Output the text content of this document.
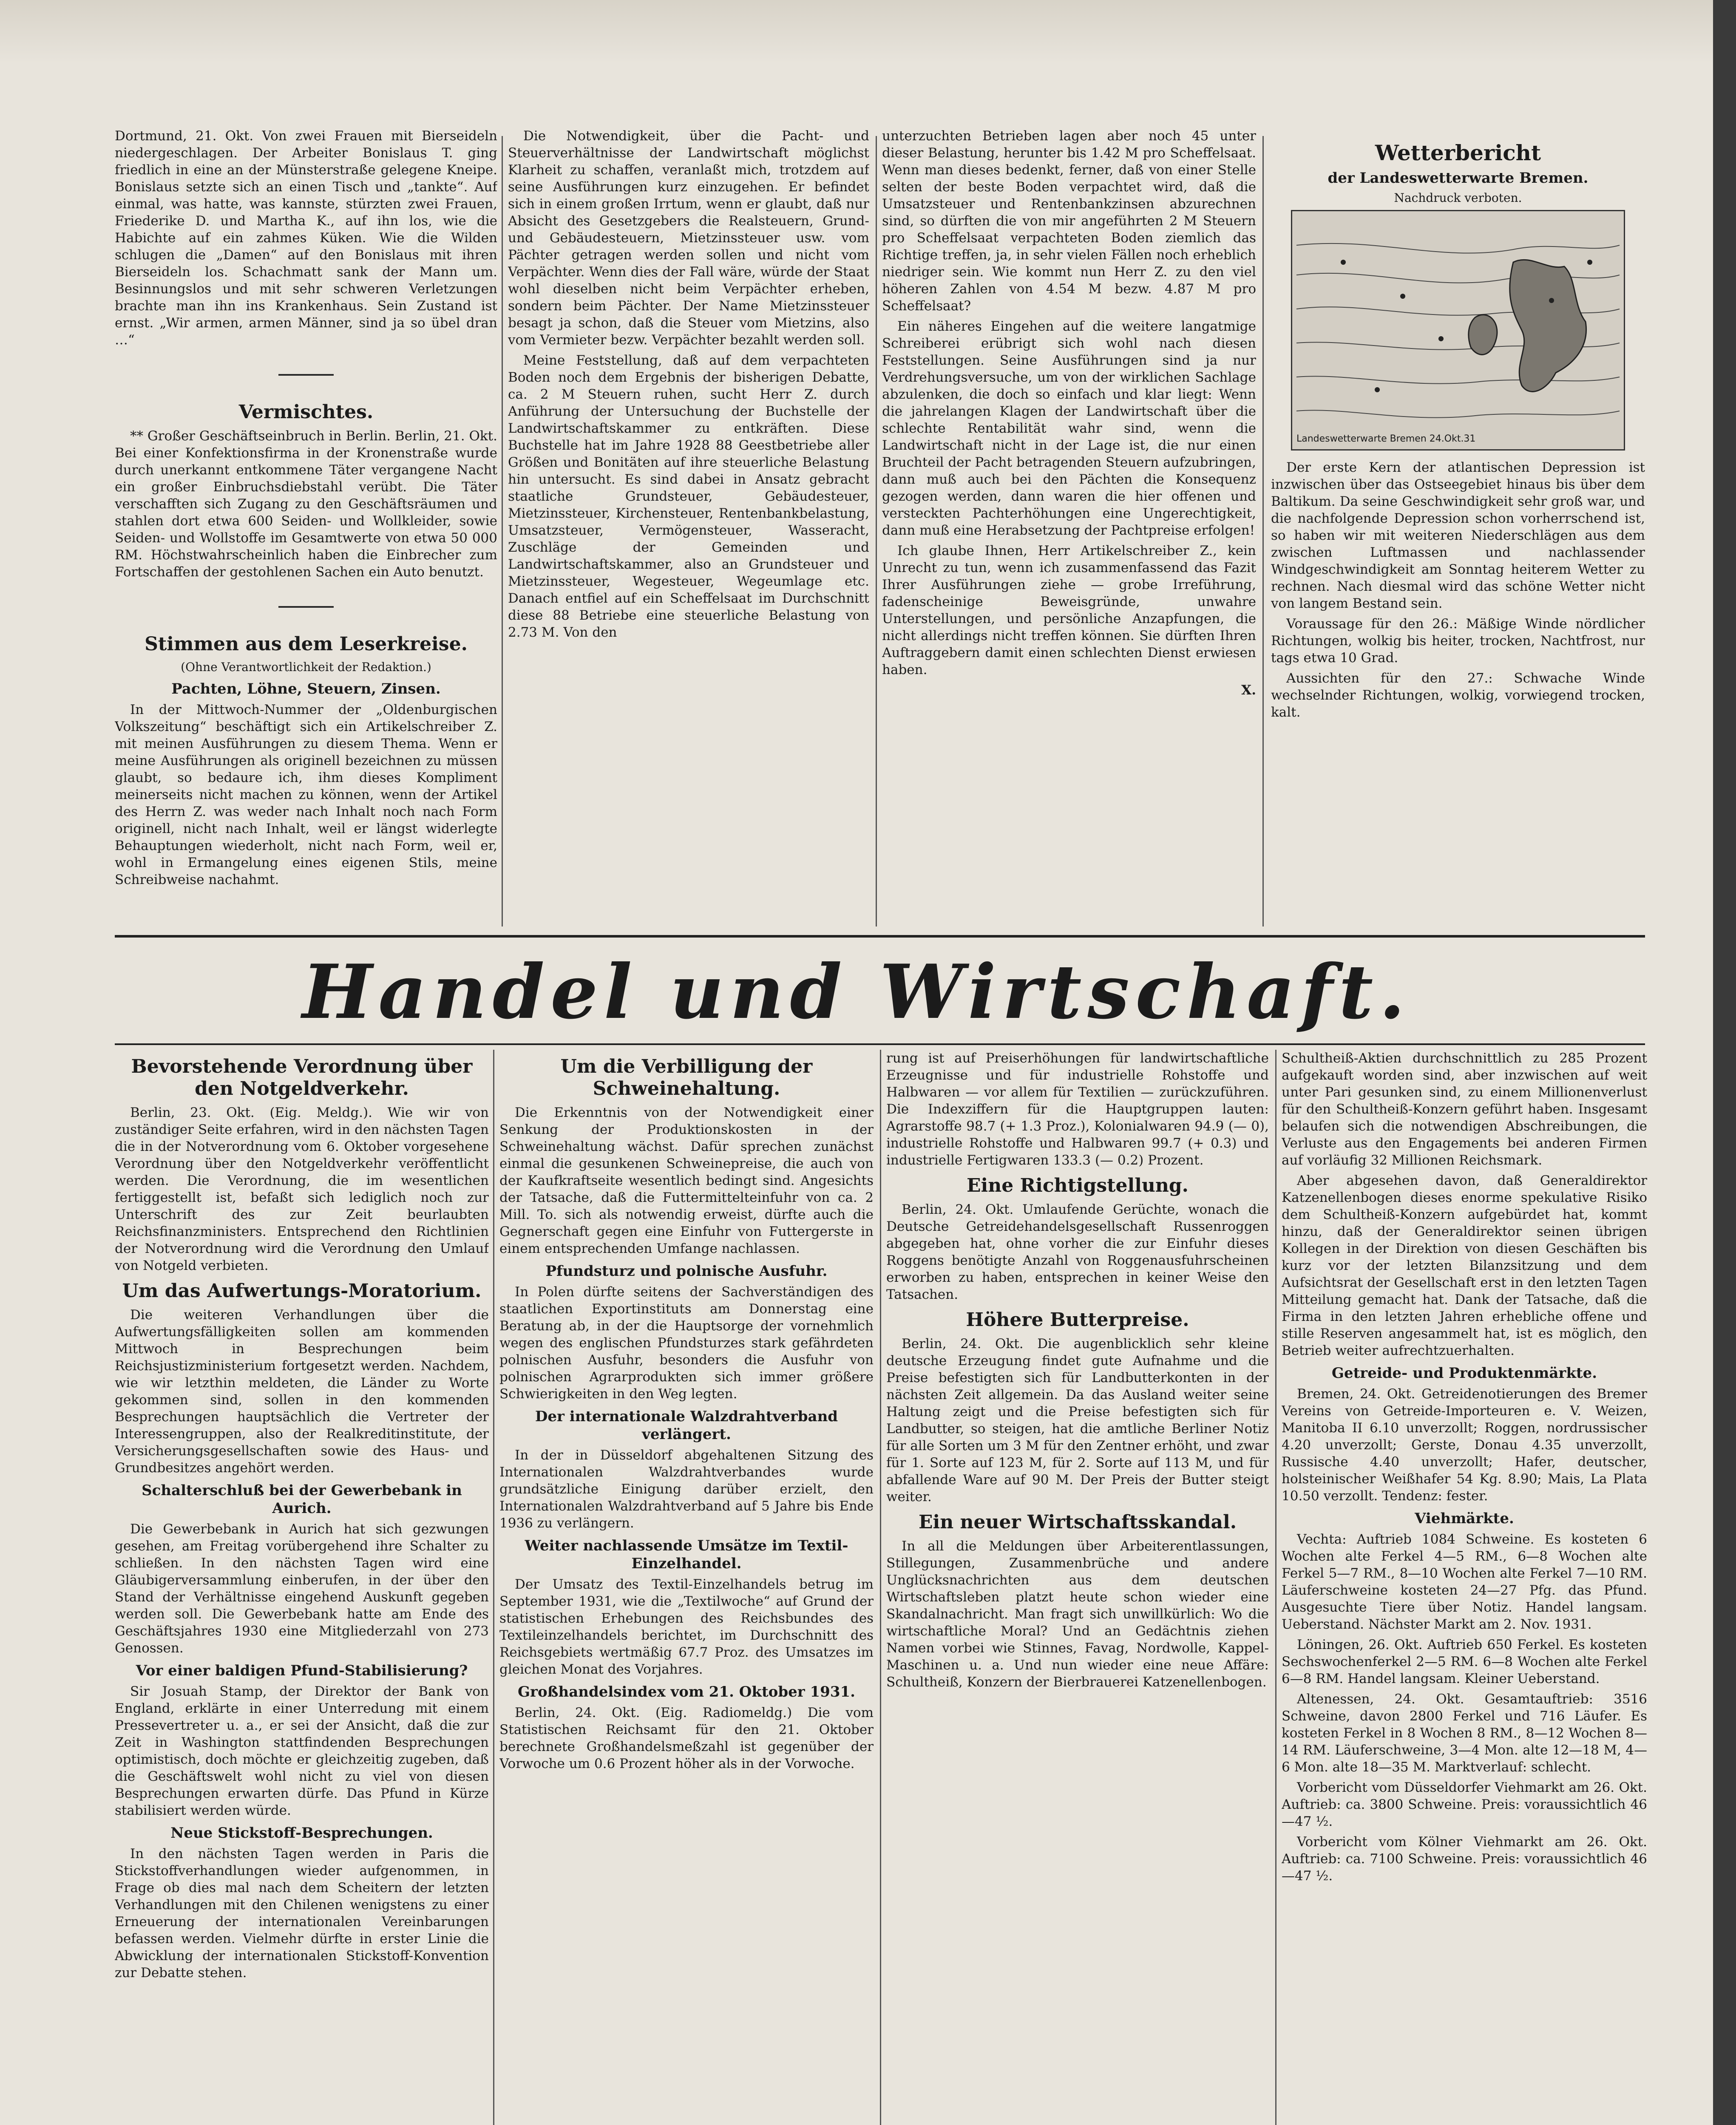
Dortmund, 21. Okt. Von zwei Frauen mit Bierseideln niedergeschlagen. Der Arbeiter Bonislaus T. ging friedlich in eine an der Münsterstraße gelegene Kneipe. Bonislaus setzte sich an einen Tisch und „tankte“. Auf einmal, was hatte, was kannste, stürzten zwei Frauen, Friederike D. und Martha K., auf ihn los, wie die Habichte auf ein zahmes Küken. Wie die Wilden schlugen die „Damen“ auf den Bonislaus mit ihren Bierseideln los. Schachmatt sank der Mann um. Besinnungslos und mit sehr schweren Verletzungen brachte man ihn ins Krankenhaus. Sein Zustand ist ernst. „Wir armen, armen Männer, sind ja so übel dran …“

Vermischtes.

** Großer Geschäftseinbruch in Berlin. Berlin, 21. Okt. Bei einer Konfektionsfirma in der Kronenstraße wurde durch unerkannt entkommene Täter vergangene Nacht ein großer Einbruchsdiebstahl verübt. Die Täter verschafften sich Zugang zu den Geschäftsräumen und stahlen dort etwa 600 Seiden- und Wollkleider, sowie Seiden- und Wollstoffe im Gesamtwerte von etwa 50 000 RM. Höchstwahrscheinlich haben die Einbrecher zum Fortschaffen der gestohlenen Sachen ein Auto benutzt.

Stimmen aus dem Leserkreise.
(Ohne Verantwortlichkeit der Redaktion.)
Pachten, Löhne, Steuern, Zinsen.

In der Mittwoch-Nummer der „Oldenburgischen Volkszeitung“ beschäftigt sich ein Artikelschreiber Z. mit meinen Ausführungen zu diesem Thema. Wenn er meine Ausführungen als originell bezeichnen zu müssen glaubt, so bedaure ich, ihm dieses Kompliment meinerseits nicht machen zu können, wenn der Artikel des Herrn Z. was weder nach Inhalt noch nach Form originell, nicht nach Inhalt, weil er längst widerlegte Behauptungen wiederholt, nicht nach Form, weil er, wohl in Ermangelung eines eigenen Stils, meine Schreibweise nachahmt.

Die Notwendigkeit, über die Pacht- und Steuerverhältnisse der Landwirtschaft möglichst Klarheit zu schaffen, veranlaßt mich, trotzdem auf seine Ausführungen kurz einzugehen. Er befindet sich in einem großen Irrtum, wenn er glaubt, daß nur Absicht des Gesetzgebers die Realsteuern, Grund- und Gebäudesteuern, Mietzinssteuer usw. vom Pächter getragen werden sollen und nicht vom Verpächter. Wenn dies der Fall wäre, würde der Staat wohl dieselben nicht beim Verpächter erheben, sondern beim Pächter. Der Name Mietzinssteuer besagt ja schon, daß die Steuer vom Mietzins, also vom Vermieter bezw. Verpächter bezahlt werden soll.

Meine Feststellung, daß auf dem verpachteten Boden noch dem Ergebnis der bisherigen Debatte, ca. 2 M Steuern ruhen, sucht Herr Z. durch Anführung der Untersuchung der Buchstelle der Landwirtschaftskammer zu entkräften. Diese Buchstelle hat im Jahre 1928 88 Geestbetriebe aller Größen und Bonitäten auf ihre steuerliche Belastung hin untersucht. Es sind dabei in Ansatz gebracht staatliche Grundsteuer, Gebäudesteuer, Mietzinssteuer, Kirchensteuer, Rentenbankbelastung, Umsatzsteuer, Vermögensteuer, Wasseracht, Zuschläge der Gemeinden und Landwirtschaftskammer, also an Grundsteuer und Mietzinssteuer, Wegesteuer, Wegeumlage etc. Danach entfiel auf ein Scheffelsaat im Durchschnitt diese 88 Betriebe eine steuerliche Belastung von 2.73 M. Von den

unterzuchten Betrieben lagen aber noch 45 unter dieser Belastung, herunter bis 1.42 M pro Scheffelsaat. Wenn man dieses bedenkt, ferner, daß von einer Stelle selten der beste Boden verpachtet wird, daß die Umsatzsteuer und Rentenbankzinsen abzurechnen sind, so dürften die von mir angeführten 2 M Steuern pro Scheffelsaat verpachteten Boden ziemlich das Richtige treffen, ja, in sehr vielen Fällen noch erheblich niedriger sein. Wie kommt nun Herr Z. zu den viel höheren Zahlen von 4.54 M bezw. 4.87 M pro Scheffelsaat?

Ein näheres Eingehen auf die weitere langatmige Schreiberei erübrigt sich wohl nach diesen Feststellungen. Seine Ausführungen sind ja nur Verdrehungsversuche, um von der wirklichen Sachlage abzulenken, die doch so einfach und klar liegt: Wenn die jahrelangen Klagen der Landwirtschaft über die schlechte Rentabilität wahr sind, wenn die Landwirtschaft nicht in der Lage ist, die nur einen Bruchteil der Pacht betragenden Steuern aufzubringen, dann muß auch bei den Pächten die Konsequenz gezogen werden, dann waren die hier offenen und versteckten Pachterhöhungen eine Ungerechtigkeit, dann muß eine Herabsetzung der Pachtpreise erfolgen!

Ich glaube Ihnen, Herr Artikelschreiber Z., kein Unrecht zu tun, wenn ich zusammenfassend das Fazit Ihrer Ausführungen ziehe — grobe Irreführung, fadenscheinige Beweisgründe, unwahre Unterstellungen, und persönliche Anzapfungen, die nicht allerdings nicht treffen können. Sie dürften Ihren Auftraggebern damit einen schlechten Dienst erwiesen haben.

X.
Wetterbericht
der Landeswetterwarte Bremen.
Nachdruck verboten.
Landeswetterwarte Bremen 24.Okt.31

Der erste Kern der atlantischen Depression ist inzwischen über das Ostseegebiet hinaus bis über dem Baltikum. Da seine Geschwindigkeit sehr groß war, und die nachfolgende Depression schon vorherrschend ist, so haben wir mit weiteren Niederschlägen aus dem zwischen Luftmassen und nachlassender Windgeschwindigkeit am Sonntag heiterem Wetter zu rechnen. Nach diesmal wird das schöne Wetter nicht von langem Bestand sein.

Voraussage für den 26.: Mäßige Winde nördlicher Richtungen, wolkig bis heiter, trocken, Nachtfrost, nur tags etwa 10 Grad.

Aussichten für den 27.: Schwache Winde wechselnder Richtungen, wolkig, vorwiegend trocken, kalt.

Handel und Wirtschaft.
Bevorstehende Verordnung über den Notgeldverkehr.

Berlin, 23. Okt. (Eig. Meldg.). Wie wir von zuständiger Seite erfahren, wird in den nächsten Tagen die in der Notverordnung vom 6. Oktober vorgesehene Verordnung über den Notgeldverkehr veröffentlicht werden. Die Verordnung, die im wesentlichen fertiggestellt ist, befaßt sich lediglich noch zur Unterschrift des zur Zeit beurlaubten Reichsfinanzministers. Entsprechend den Richtlinien der Notverordnung wird die Verordnung den Umlauf von Notgeld verbieten.

Um das Aufwertungs-Moratorium.

Die weiteren Verhandlungen über die Aufwertungsfälligkeiten sollen am kommenden Mittwoch in Besprechungen beim Reichsjustizministerium fortgesetzt werden. Nachdem, wie wir letzthin meldeten, die Länder zu Worte gekommen sind, sollen in den kommenden Besprechungen hauptsächlich die Vertreter der Interessengruppen, also der Realkreditinstitute, der Versicherungsgesellschaften sowie des Haus- und Grundbesitzes angehört werden.

Schalterschluß bei der Gewerbebank in Aurich.

Die Gewerbebank in Aurich hat sich gezwungen gesehen, am Freitag vorübergehend ihre Schalter zu schließen. In den nächsten Tagen wird eine Gläubigerversammlung einberufen, in der über den Stand der Verhältnisse eingehend Auskunft gegeben werden soll. Die Gewerbebank hatte am Ende des Geschäftsjahres 1930 eine Mitgliederzahl von 273 Genossen.

Vor einer baldigen Pfund-Stabilisierung?

Sir Josuah Stamp, der Direktor der Bank von England, erklärte in einer Unterredung mit einem Pressevertreter u. a., er sei der Ansicht, daß die zur Zeit in Washington stattfindenden Besprechungen optimistisch, doch möchte er gleichzeitig zugeben, daß die Geschäftswelt wohl nicht zu viel von diesen Besprechungen erwarten dürfe. Das Pfund in Kürze stabilisiert werden würde.

Neue Stickstoff-Besprechungen.

In den nächsten Tagen werden in Paris die Stickstoffverhandlungen wieder aufgenommen, in Frage ob dies mal nach dem Scheitern der letzten Verhandlungen mit den Chilenen wenigstens zu einer Erneuerung der internationalen Vereinbarungen befassen werden. Vielmehr dürfte in erster Linie die Abwicklung der internationalen Stickstoff-Konvention zur Debatte stehen.

Um die Verbilligung der Schweinehaltung.

Die Erkenntnis von der Notwendigkeit einer Senkung der Produktionskosten in der Schweinehaltung wächst. Dafür sprechen zunächst einmal die gesunkenen Schweinepreise, die auch von der Kaufkraftseite wesentlich bedingt sind. Angesichts der Tatsache, daß die Futtermittelteinfuhr von ca. 2 Mill. To. sich als notwendig erweist, dürfte auch die Gegnerschaft gegen eine Einfuhr von Futtergerste in einem entsprechenden Umfange nachlassen.

Pfundsturz und polnische Ausfuhr.

In Polen dürfte seitens der Sachverständigen des staatlichen Exportinstituts am Donnerstag eine Beratung ab, in der die Hauptsorge der vornehmlich wegen des englischen Pfundsturzes stark gefährdeten polnischen Ausfuhr, besonders die Ausfuhr von polnischen Agrarprodukten sich immer größere Schwierigkeiten in den Weg legten.

Der internationale Walzdrahtverband verlängert.

In der in Düsseldorf abgehaltenen Sitzung des Internationalen Walzdrahtverbandes wurde grundsätzliche Einigung darüber erzielt, den Internationalen Walzdrahtverband auf 5 Jahre bis Ende 1936 zu verlängern.

Weiter nachlassende Umsätze im Textil-Einzelhandel.

Der Umsatz des Textil-Einzelhandels betrug im September 1931, wie die „Textilwoche“ auf Grund der statistischen Erhebungen des Reichsbundes des Textileinzelhandels berichtet, im Durchschnitt des Reichsgebiets wertmäßig 67.7 Proz. des Umsatzes im gleichen Monat des Vorjahres.

Großhandelsindex vom 21. Oktober 1931.

Berlin, 24. Okt. (Eig. Radiomeldg.) Die vom Statistischen Reichsamt für den 21. Oktober berechnete Großhandelsmeßzahl ist gegenüber der Vorwoche um 0.6 Prozent höher als in der Vorwoche.

rung ist auf Preiserhöhungen für landwirtschaftliche Erzeugnisse und für industrielle Rohstoffe und Halbwaren — vor allem für Textilien — zurückzuführen. Die Indexziffern für die Hauptgruppen lauten: Agrarstoffe 98.7 (+ 1.3 Proz.), Kolonialwaren 94.9 (— 0), industrielle Rohstoffe und Halbwaren 99.7 (+ 0.3) und industrielle Fertigwaren 133.3 (— 0.2) Prozent.

Eine Richtigstellung.

Berlin, 24. Okt. Umlaufende Gerüchte, wonach die Deutsche Getreidehandelsgesellschaft Russenroggen abgegeben hat, ohne vorher die zur Einfuhr dieses Roggens benötigte Anzahl von Roggenausfuhrscheinen erworben zu haben, entsprechen in keiner Weise den Tatsachen.

Höhere Butterpreise.

Berlin, 24. Okt. Die augenblicklich sehr kleine deutsche Erzeugung findet gute Aufnahme und die Preise befestigten sich für Landbutterkonten in der nächsten Zeit allgemein. Da das Ausland weiter seine Haltung zeigt und die Preise befestigten sich für Landbutter, so steigen, hat die amtliche Berliner Notiz für alle Sorten um 3 M für den Zentner erhöht, und zwar für 1. Sorte auf 123 M, für 2. Sorte auf 113 M, und für abfallende Ware auf 90 M. Der Preis der Butter steigt weiter.

Ein neuer Wirtschaftsskandal.

In all die Meldungen über Arbeiterentlassungen, Stillegungen, Zusammenbrüche und andere Unglücksnachrichten aus dem deutschen Wirtschaftsleben platzt heute schon wieder eine Skandalnachricht. Man fragt sich unwillkürlich: Wo die wirtschaftliche Moral? Und an Gedächtnis ziehen Namen vorbei wie Stinnes, Favag, Nordwolle, Kappel-Maschinen u. a. Und nun wieder eine neue Affäre: Schultheiß, Konzern der Bierbrauerei Katzenellenbogen.

Schultheiß-Aktien durchschnittlich zu 285 Prozent aufgekauft worden sind, aber inzwischen auf weit unter Pari gesunken sind, zu einem Millionenverlust für den Schultheiß-Konzern geführt haben. Insgesamt belaufen sich die notwendigen Abschreibungen, die Verluste aus den Engagements bei anderen Firmen auf vorläufig 32 Millionen Reichsmark.

Aber abgesehen davon, daß Generaldirektor Katzenellenbogen dieses enorme spekulative Risiko dem Schultheiß-Konzern aufgebürdet hat, kommt hinzu, daß der Generaldirektor seinen übrigen Kollegen in der Direktion von diesen Geschäften bis kurz vor der letzten Bilanzsitzung und dem Aufsichtsrat der Gesellschaft erst in den letzten Tagen Mitteilung gemacht hat. Dank der Tatsache, daß die Firma in den letzten Jahren erhebliche offene und stille Reserven angesammelt hat, ist es möglich, den Betrieb weiter aufrechtzuerhalten.

Getreide- und Produktenmärkte.

Bremen, 24. Okt. Getreidenotierungen des Bremer Vereins von Getreide-Importeuren e. V. Weizen, Manitoba II 6.10 unverzollt; Roggen, nordrussischer 4.20 unverzollt; Gerste, Donau 4.35 unverzollt, Russische 4.40 unverzollt; Hafer, deutscher, holsteinischer Weißhafer 54 Kg. 8.90; Mais, La Plata 10.50 verzollt. Tendenz: fester.

Viehmärkte.

Vechta: Auftrieb 1084 Schweine. Es kosteten 6 Wochen alte Ferkel 4—5 RM., 6—8 Wochen alte Ferkel 5—7 RM., 8—10 Wochen alte Ferkel 7—10 RM. Läuferschweine kosteten 24—27 Pfg. das Pfund. Ausgesuchte Tiere über Notiz. Handel langsam. Ueberstand. Nächster Markt am 2. Nov. 1931.

Löningen, 26. Okt. Auftrieb 650 Ferkel. Es kosteten Sechswochenferkel 2—5 RM. 6—8 Wochen alte Ferkel 6—8 RM. Handel langsam. Kleiner Ueberstand.

Altenessen, 24. Okt. Gesamtauftrieb: 3516 Schweine, davon 2800 Ferkel und 716 Läufer. Es kosteten Ferkel in 8 Wochen 8 RM., 8—12 Wochen 8—14 RM. Läuferschweine, 3—4 Mon. alte 12—18 M, 4—6 Mon. alte 18—35 M. Marktverlauf: schlecht.

Vorbericht vom Düsseldorfer Viehmarkt am 26. Okt. Auftrieb: ca. 3800 Schweine. Preis: voraussichtlich 46—47 ½.

Vorbericht vom Kölner Viehmarkt am 26. Okt. Auftrieb: ca. 7100 Schweine. Preis: voraussichtlich 46—47 ½.
